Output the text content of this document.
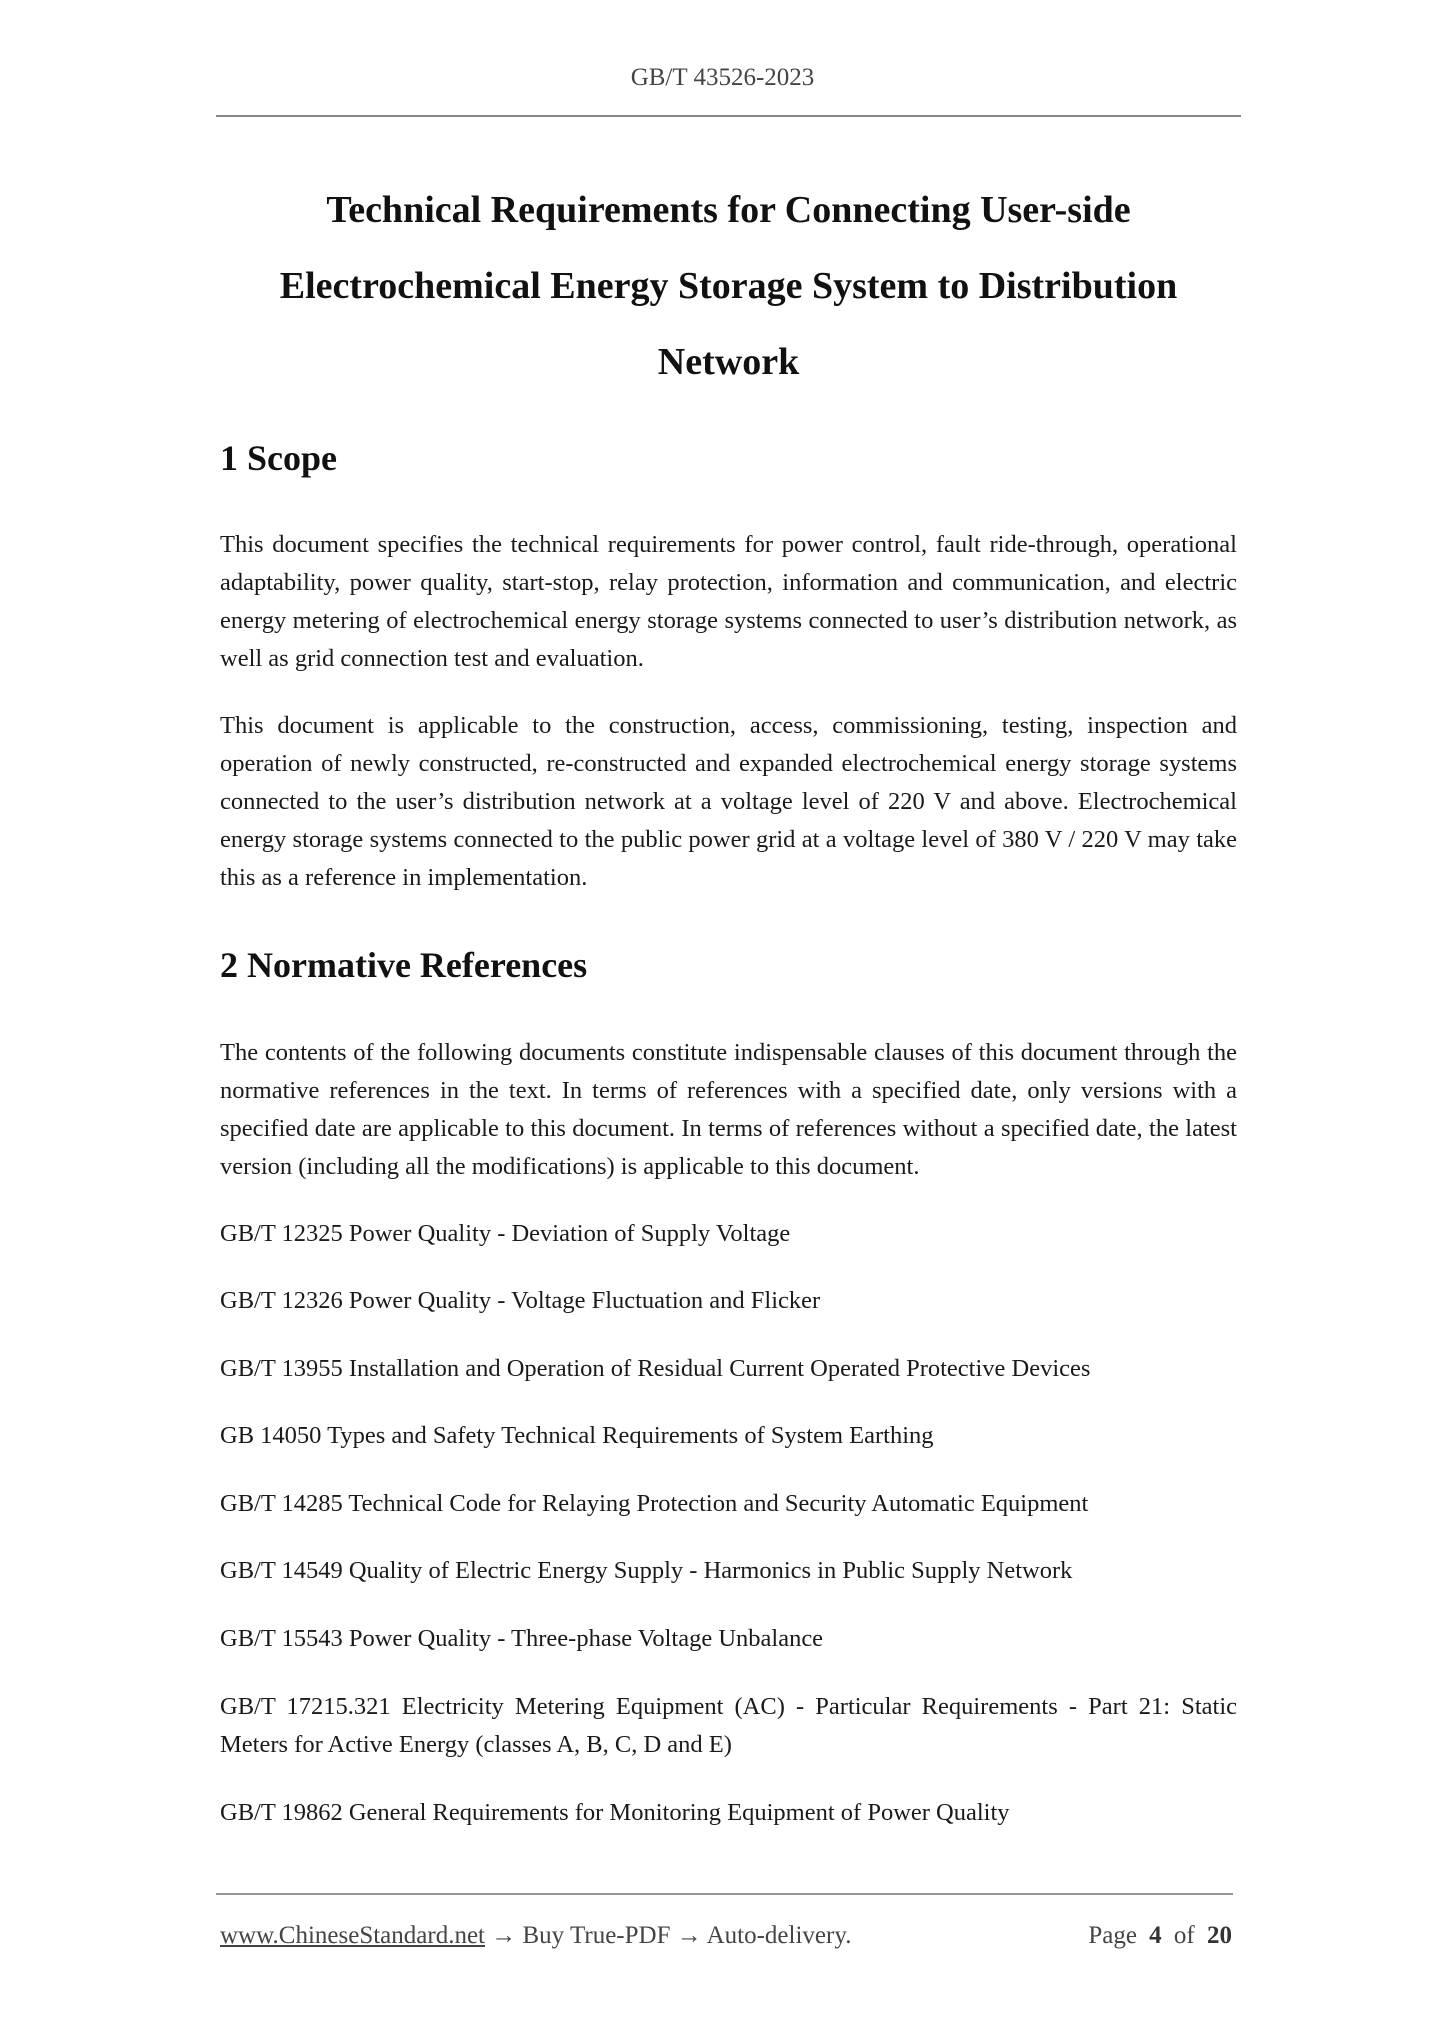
GB/T 43526-2023
Technical Requirements for Connecting User-side Electrochemical Energy Storage System to Distribution Network
1 Scope
This document specifies the technical requirements for power control, fault ride-through, operational adaptability, power quality, start-stop, relay protection, information and communication, and electric energy metering of electrochemical energy storage systems connected to user’s distribution network, as well as grid connection test and evaluation.
This document is applicable to the construction, access, commissioning, testing, inspection and operation of newly constructed, re-constructed and expanded electrochemical energy storage systems connected to the user’s distribution network at a voltage level of 220 V and above. Electrochemical energy storage systems connected to the public power grid at a voltage level of 380 V / 220 V may take this as a reference in implementation.
2 Normative References
The contents of the following documents constitute indispensable clauses of this document through the normative references in the text. In terms of references with a specified date, only versions with a specified date are applicable to this document. In terms of references without a specified date, the latest version (including all the modifications) is applicable to this document.
GB/T 12325 Power Quality - Deviation of Supply Voltage
GB/T 12326 Power Quality - Voltage Fluctuation and Flicker
GB/T 13955 Installation and Operation of Residual Current Operated Protective Devices
GB 14050 Types and Safety Technical Requirements of System Earthing
GB/T 14285 Technical Code for Relaying Protection and Security Automatic Equipment
GB/T 14549 Quality of Electric Energy Supply - Harmonics in Public Supply Network
GB/T 15543 Power Quality - Three-phase Voltage Unbalance
GB/T 17215.321 Electricity Metering Equipment (AC) - Particular Requirements - Part 21: Static Meters for Active Energy (classes A, B, C, D and E)
GB/T 19862 General Requirements for Monitoring Equipment of Power Quality
www.ChineseStandard.net → Buy True-PDF → Auto-delivery.	Page 4 of 20
